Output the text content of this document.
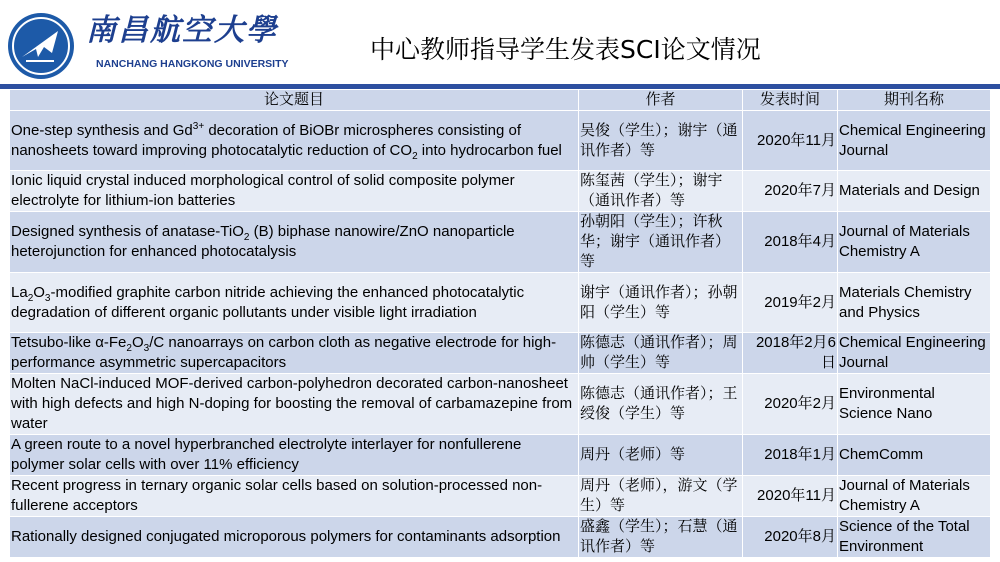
南昌航空大學
NANCHANG HANGKONG UNIVERSITY	中心教师指导学生发表SCI论文情况
论文题目	作者	发表时间	期刊名称
One-step synthesis and $Gd^{3+}$ decoration of BiOBr microspheres consisting of nanosheets toward improving photocatalytic reduction of $CO_2$ into hydrocarbon fuel	吴俊（学生）；谢宇（通讯作者）等	2020年11月	Chemical Engineering Journal
Ionic liquid crystal induced morphological control of solid composite polymer electrolyte for lithium-ion batteries	陈玺茜（学生）；谢宇（通讯作者）等	2020年7月	Materials and Design
Designed synthesis of anatase-TiO$_2$ (B) biphase nanowire/ZnO nanoparticle heterojunction for enhanced photocatalysis	孙朝阳（学生）；许秋华；谢宇（通讯作者）等	2018年4月	Journal of Materials Chemistry A
$La_2O_3$-modified graphite carbon nitride achieving the enhanced photocatalytic degradation of different organic pollutants under visible light irradiation	谢宇（通讯作者）；孙朝阳（学生）等	2019年2月	Materials Chemistry and Physics
Tetsubo-like $\alpha-Fe_2O_3/C$ nanoarrays on carbon cloth as negative electrode for high-performance asymmetric supercapacitors	陈德志（通讯作者）；周帅（学生）等	2018年2月6日	Chemical Engineering Journal
Molten NaCl-induced MOF-derived carbon-polyhedron decorated carbon-nanosheet with high defects and high N-doping for boosting the removal of carbamazepine from water	陈德志（通讯作者）；王绶俊（学生）等	2020年2月	Environmental Science Nano
A green route to a novel hyperbranched electrolyte interlayer for nonfullerene polymer solar cells with over 11% efficiency	周丹（老师）等	2018年1月	ChemComm
Recent progress in ternary organic solar cells based on solution-processed non-fullerene acceptors	周丹（老师），游文（学生）等	2020年11月	Journal of Materials Chemistry A
Rationally designed conjugated microporous polymers for contaminants adsorption	盛鑫（学生）；石慧（通讯作者）等	2020年8月	Science of the Total Environment
